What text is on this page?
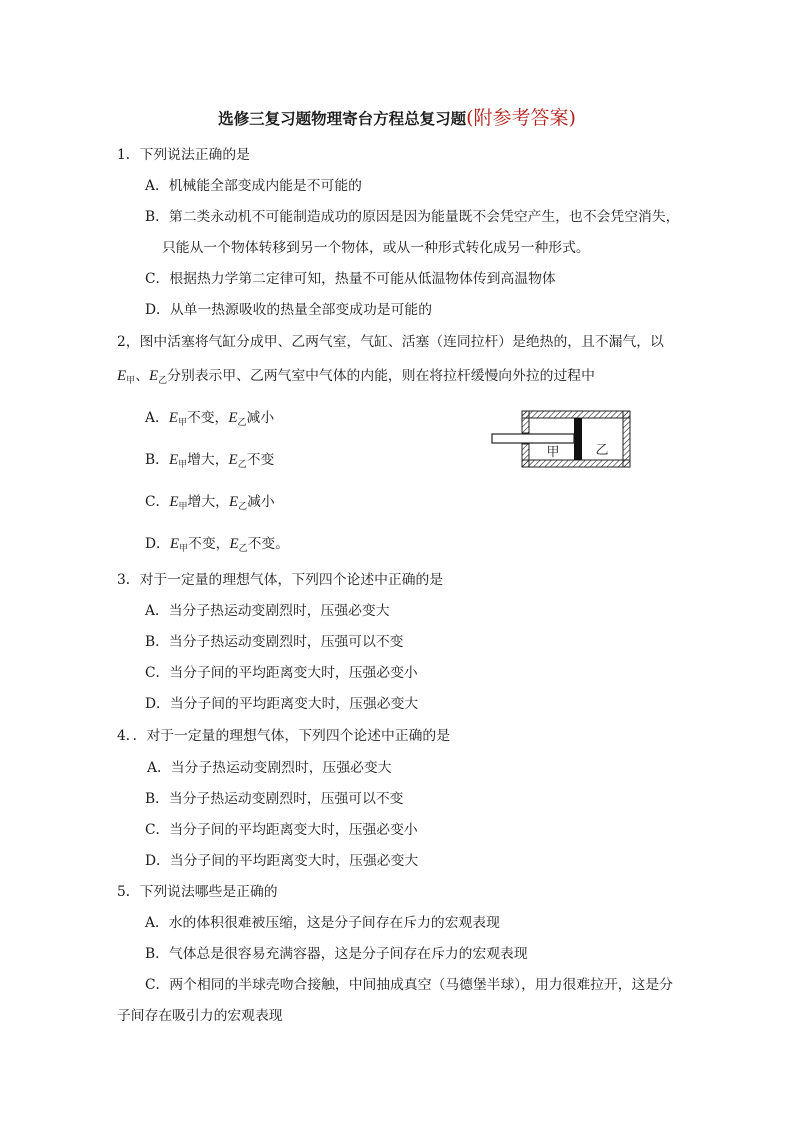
选修三复习题物理寄台方程总复习题(附参考答案)
1．下列说法正确的是
A．机械能全部变成内能是不可能的
B．第二类永动机不可能制造成功的原因是因为能量既不会凭空产生，也不会凭空消失，
只能从一个物体转移到另一个物体，或从一种形式转化成另一种形式。
C．根据热力学第二定律可知，热量不可能从低温物体传到高温物体
D．从单一热源吸收的热量全部变成功是可能的
2，图中活塞将气缸分成甲、乙两气室，气缸、活塞（连同拉杆）是绝热的，且不漏气，以
$E_甲$、$E_乙$分别表示甲、乙两气室中气体的内能，则在将拉杆缓慢向外拉的过程中
A．$E_甲$不变，$E_乙$减小
B．$E_甲$增大，$E_乙$不变
C．$E_甲$增大，$E_乙$减小
D．$E_甲$不变，$E_乙$不变。
甲	乙
3．对于一定量的理想气体，下列四个论述中正确的是
A．当分子热运动变剧烈时，压强必变大
B．当分子热运动变剧烈时，压强可以不变
C．当分子间的平均距离变大时，压强必变小
D．当分子间的平均距离变大时，压强必变大
4．．对于一定量的理想气体，下列四个论述中正确的是
A．当分子热运动变剧烈时，压强必变大
B．当分子热运动变剧烈时，压强可以不变
C．当分子间的平均距离变大时，压强必变小
D．当分子间的平均距离变大时，压强必变大
5．下列说法哪些是正确的
A．水的体积很难被压缩，这是分子间存在斥力的宏观表现
B．气体总是很容易充满容器，这是分子间存在斥力的宏观表现
C．两个相同的半球壳吻合接触，中间抽成真空（马德堡半球），用力很难拉开，这是分
子间存在吸引力的宏观表现
